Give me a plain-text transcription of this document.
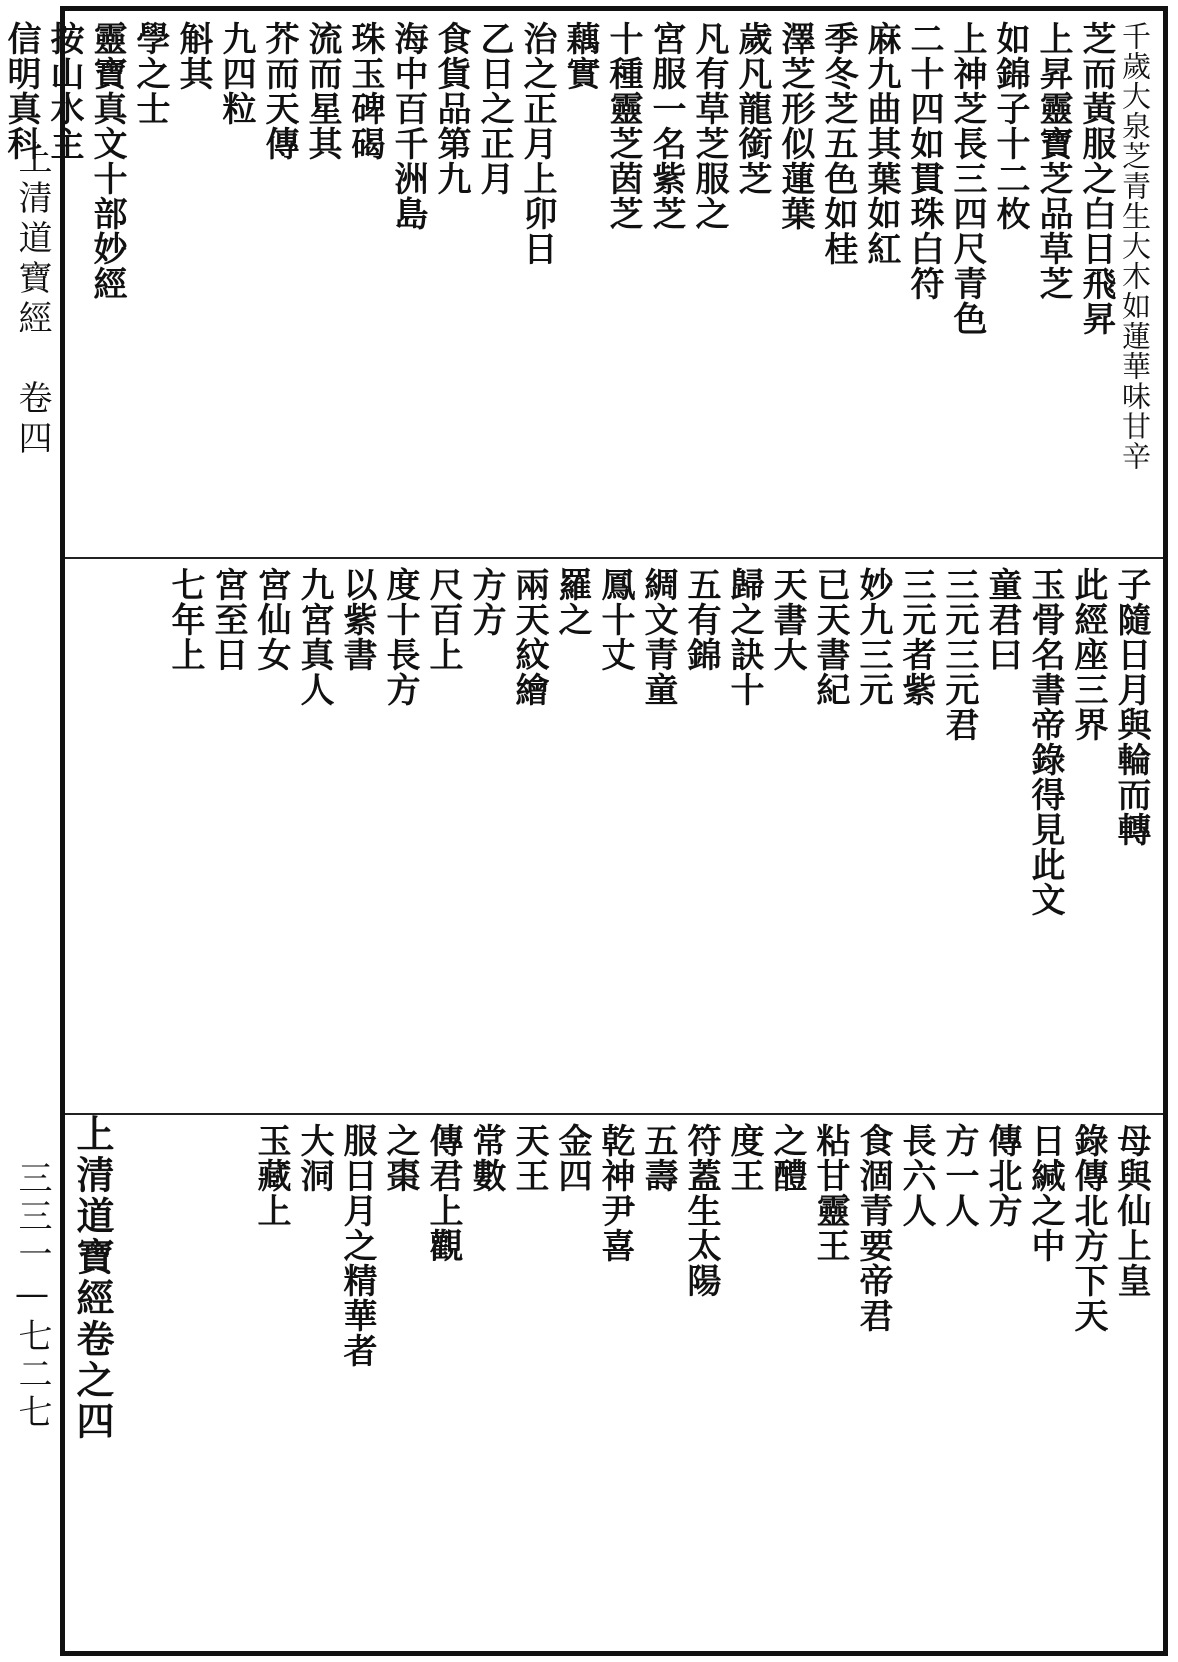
上清道寶經　卷四
三三一—七二七
千歲大泉芝青生大木如蓮華味甘辛
芝而黃服之白日飛昇
上昇靈寶芝品草芝
如錦子十二枚
上神芝長三四尺青色
二十四如貫珠白符
麻九曲其葉如紅
季冬芝五色如桂
澤芝形似蓮葉
歲凡龍銜芝
凡有草芝服之
宮服一名紫芝
十種靈芝茵芝
藕實
治之正月上卯日
乙日之正月
食貨品第九
海中百千洲島
珠玉碑碣
流而星其
芥而天傳
九四粒
斛其
學之士
靈寶真文十部妙經
按山水主
信明真科
子隨日月與輪而轉
此經座三界
玉骨名書帝錄得見此文
童君曰
三元三元君
三元者紫
妙九三元
已天書紀
天書大
歸之訣十
五有錦
綢文青童
鳳十丈
羅之
兩天紋繪
方方
尺百上
度十長方
以紫書
九宮真人
宮仙女
宮至日
七年上
母與仙上皇
錄傳北方下天
日緘之中
傳北方
方一人
長六人
食涸青要帝君
粘甘靈王
之醴
度王
符蓋生太陽
五壽
乾神尹喜
金四
天王
常數
傳君上觀
之棗
服日月之精華者
大洞
玉藏上
上清道寶經卷之四
